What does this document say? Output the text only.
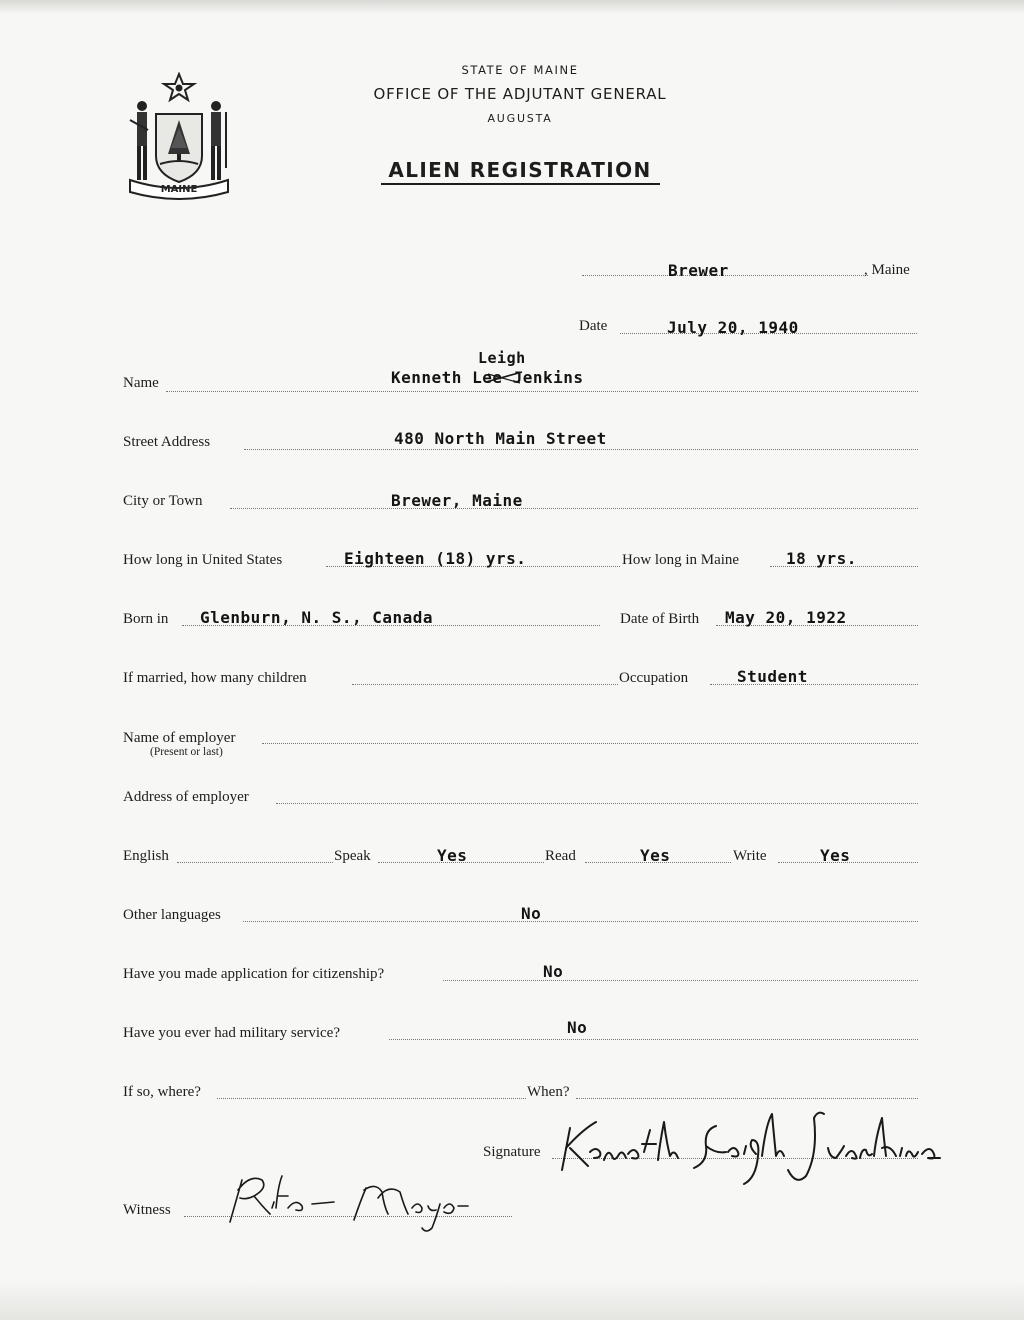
MAINE
STATE OF MAINE
OFFICE OF THE ADJUTANT GENERAL
AUGUSTA
ALIEN REGISTRATION
Brewer	, Maine
Date	July 20, 1940
Name
Leigh
Kenneth Lee Jenkins
Street Address	480 North Main Street
City or Town	Brewer, Maine
How long in United States	Eighteen (18) yrs.	How long in Maine	18 yrs.
Born in Glenburn, N. S., Canada	Date of Birth May 20, 1922
If married, how many children	Occupation	Student
Name of employer
(Present or last)
Address of employer
English	Speak	Yes	Read	Yes	Write	Yes
Other languages	No
Have you made application for citizenship?	No
Have you ever had military service?	No
If so, where?	When?
Signature
Kenneth Leigh Jenkins
Witness
Rita Mayo
